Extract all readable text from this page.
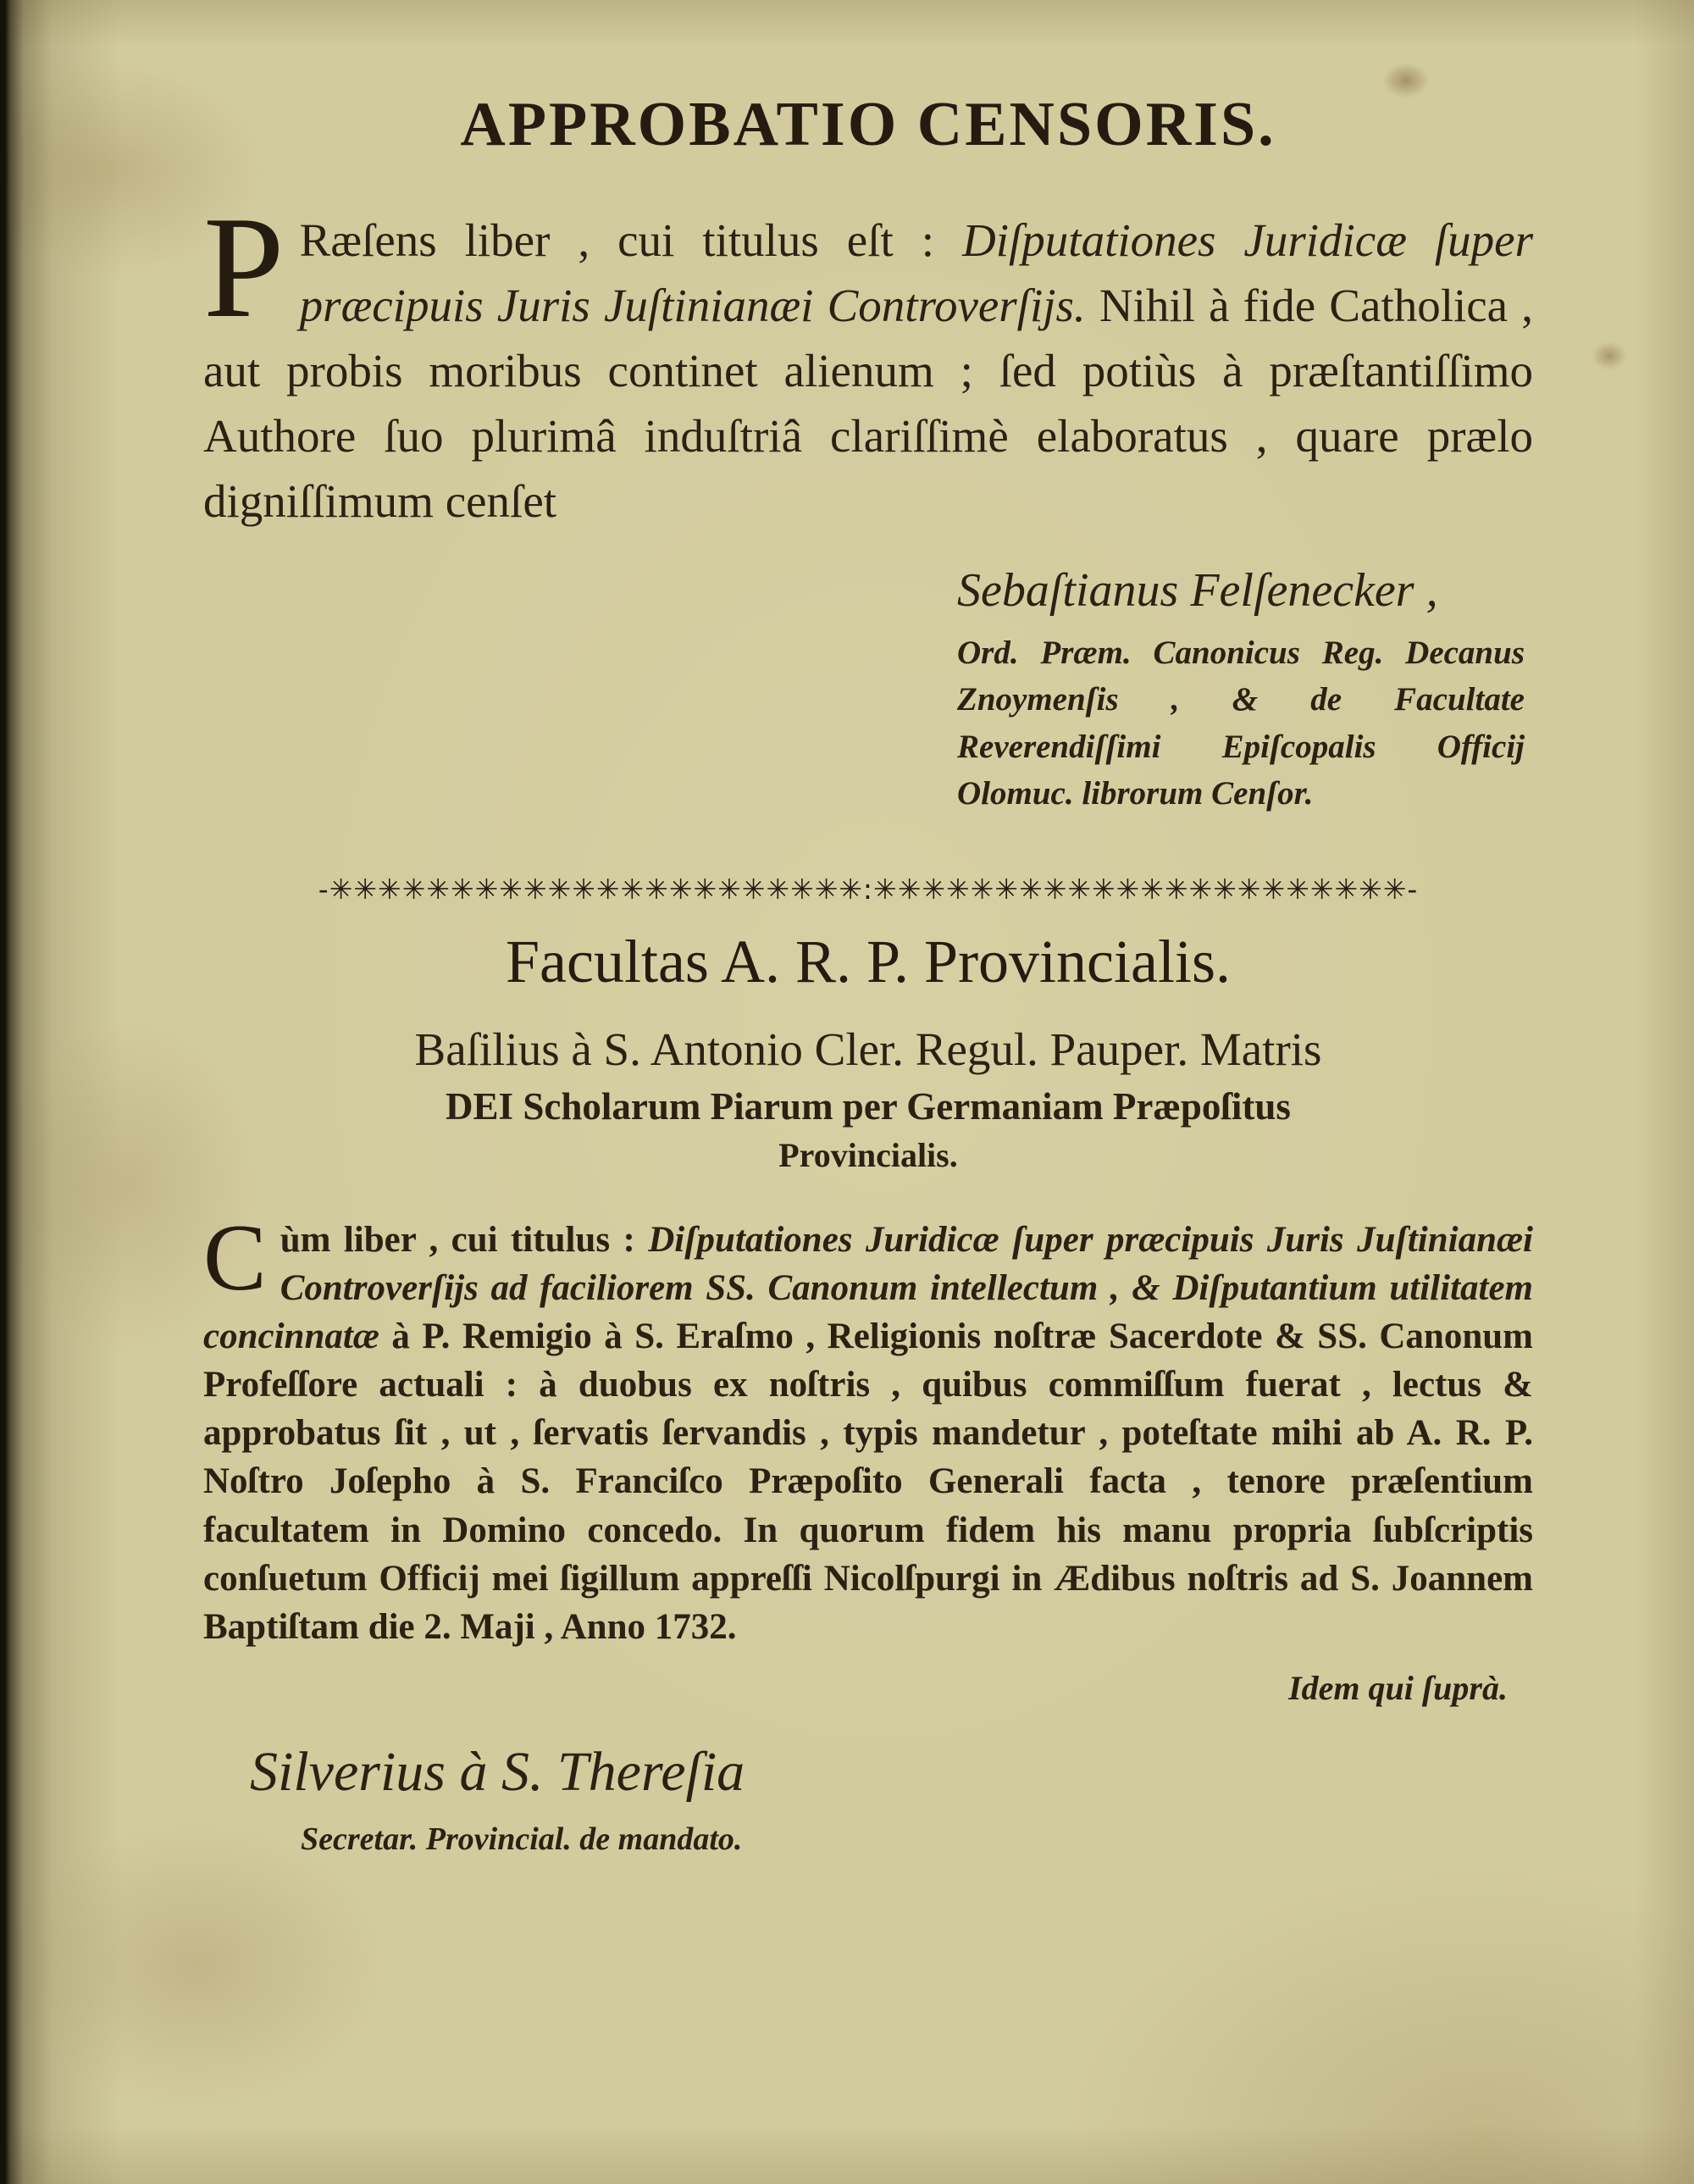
APPROBATIO CENSORIS.

P Ræſens liber , cui titulus eſt : Diſputationes Juridicæ ſuper præcipuis Juris Juſtinianæi Controverſijs. Nihil à fide Catholica , aut probis moribus continet alienum ; ſed potiùs à præſtantiſſimo Authore ſuo plurimâ induſtriâ clariſſimè elaboratus , quare prælo digniſſimum cenſet

Sebaſtianus Felſenecker ,

Ord. Præm. Canonicus Reg. Decanus Znoymenſis , & de Facultate Reverendiſſimi Epiſcopalis Officij Olomuc. librorum Cenſor.

-✳✳✳✳✳✳✳✳✳✳✳✳✳✳✳✳✳✳✳✳✳✳:✳✳✳✳✳✳✳✳✳✳✳✳✳✳✳✳✳✳✳✳✳✳-
Facultas A. R. P. Provincialis.

Baſilius à S. Antonio Cler. Regul. Pauper. Matris

DEI Scholarum Piarum per Germaniam Præpoſitus

Provincialis.

Cùm liber , cui titulus : Diſputationes Juridicæ ſuper præcipuis Juris Juſtinianæi Controverſijs ad faciliorem SS. Canonum intellectum , & Diſputantium utilitatem concinnatæ à P. Remigio à S. Eraſmo , Religionis noſtræ Sacerdote & SS. Canonum Profeſſore actuali : à duobus ex noſtris , quibus commiſſum fuerat , lectus & approbatus ſit , ut , ſervatis ſervandis , typis mandetur , poteſtate mihi ab A. R. P. Noſtro Joſepho à S. Franciſco Præpoſito Generali facta , tenore præſentium facultatem in Domino concedo. In quorum fidem his manu propria ſubſcriptis conſuetum Officij mei ſigillum appreſſi Nicolſpurgi in Ædibus noſtris ad S. Joannem Baptiſtam die 2. Maji , Anno 1732.

Idem qui ſuprà.

Silverius à S. Thereſia

Secretar. Provincial. de mandato.
